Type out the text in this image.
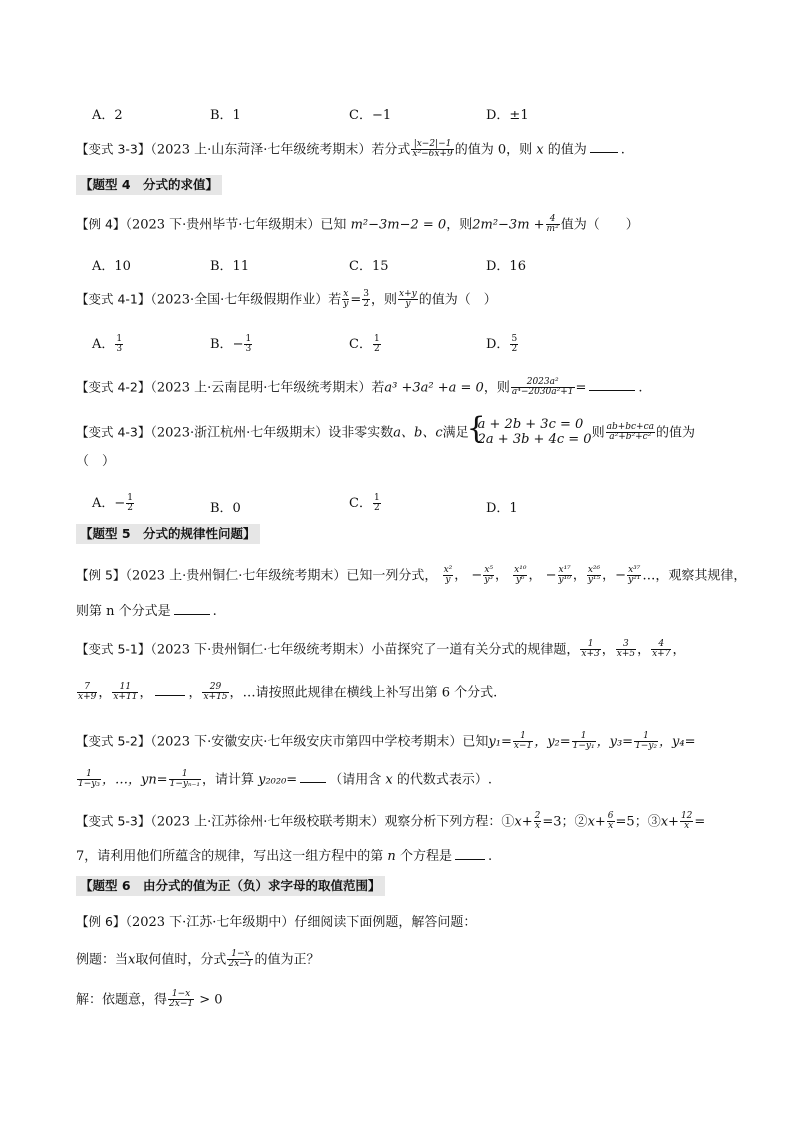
A．2	B．1	C．−1	D．±1
【变式 3-3】（2023 上·山东菏泽·七年级统考期末）若分式 $\frac{|x-2|-1}{\text{x²−6x+9}}$ 的值为 0，则 x 的值为	.
【题型 4　分式的求值】
【例 4】（2023 下·贵州毕节·七年级期末）已知 m²−3m−2 = 0，则$2m^2-3m + \frac{4}{\text{m²}}$ 值为（　　）
A．10	B．11	C．15	D．16
【变式 4-1】（2023·全国·七年级假期作业）若 $\frac{x}{y} = \frac{3}{2}$ ，则 $\frac{x+y}{y}$ 的值为（　）
A． $\frac{1}{3}$	B．− $\frac{1}{3}$	C． $\frac{1}{2}$	D． $\frac{5}{2}$
【变式 4-2】（2023 上·云南昆明·七年级统考期末）若a³ +3a² +a = 0，则 $\frac{\text{2023a²}}{\text{a⁴−2030a²+1}}$ =	.
【变式 4-3】（2023·浙江杭州·七年级期末）设非零实数a、b、c满足
{ a + 2b + 3c = 0
2a + 3b + 4c = 0 则 $\frac{ab+bc+ca}{\text{a²+b²+c²}}$ 的值为
（　）
A．− $\frac{1}{2}$	B．0	C． $\frac{1}{2}$	D．1
【题型 5　分式的规律性问题】
【例 5】（2023 上·贵州铜仁·七年级统考期末）已知一列分式， $\frac{\text{x²}}{y}$ ， − $\frac{\text{x⁵}}{\text{y³}}$ ， $\frac{\text{x¹⁰}}{\text{y⁶}}$ ， − $\frac{\text{x¹⁷}}{\text{y¹⁰}}$ ， $\frac{\text{x²⁶}}{\text{y¹⁵}}$ ，− $\frac{\text{x³⁷}}{\text{y²¹}}$ …，观察其规律，
则第 n 个分式是	.
【变式 5-1】（2023 下·贵州铜仁·七年级统考期末）小苗探究了一道有关分式的规律题， $\frac{1}{x+3}$ ， $\frac{3}{x+5}$ ， $\frac{4}{x+7}$ ，
$\frac{7}{x+9}$ ， $\frac{11}{x+11}$ ，	， $\frac{29}{x+15}$ ，…请按照此规律在横线上补写出第 6 个分式.
【变式 5-2】（2023 下·安徽安庆·七年级安庆市第四中学校考期末）已知$y_1= \frac{1}{x-1}$ ，$y_2= \frac{1}{\text{1−y₁}}$ ，$y_3= \frac{1}{\text{1−y₂}}$ ，y₄=
$\frac{1}{\text{1−y₃}}$ ，…，$yn= \frac{1}{\text{1−yₙ₋₁}}$ ，请计算 y₂₀₂₀= （请用含 x 的代数式表示）.
【变式 5-3】（2023 上·江苏徐州·七年级校联考期末）观察分析下列方程：①x+ $\frac{2}{x} =3$；②x+ $\frac{6}{x} =5$；③x+ $\frac{12}{x}$ =
7，请利用他们所蕴含的规律，写出这一组方程中的第 n 个方程是	.
【题型 6　由分式的值为正（负）求字母的取值范围】
【例 6】（2023 下·江苏·七年级期中）仔细阅读下面例题，解答问题：
例题：当x取何值时，分式 $\frac{1-x}{2x-1}$ 的值为正？
解：依题意，得 $\frac{1-x}{2x-1} > 0$
